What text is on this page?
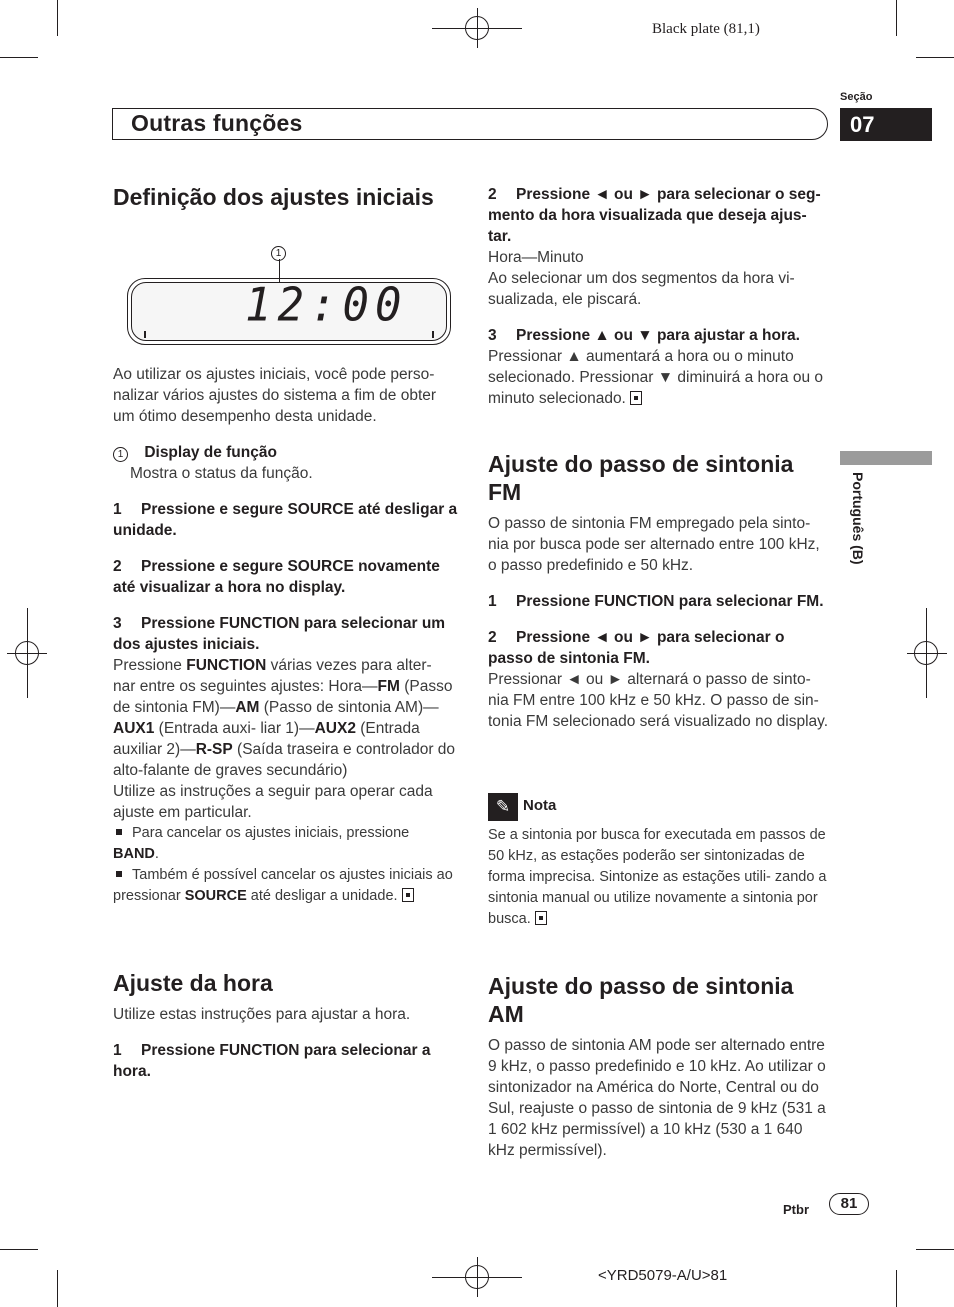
Black plate (81,1)
Outras funções
Seção
07
Português (B)
Definição dos ajustes iniciais
1
12:00

Ao utilizar os ajustes iniciais, você pode perso- nalizar vários ajustes do sistema a fim de obter um ótimo desempenho desta unidade.

1 Display de função

Mostra o status da função.

1 Pressione e segure SOURCE até desligar a unidade.

2 Pressione e segure SOURCE novamente até visualizar a hora no display.

3 Pressione FUNCTION para selecionar um dos ajustes iniciais.

Pressione FUNCTION várias vezes para alter- nar entre os seguintes ajustes: Hora—FM (Passo de sintonia FM)—AM (Passo de sintonia AM)—AUX1 (Entrada auxi- liar 1)—AUX2 (Entrada auxiliar 2)—R-SP (Saída traseira e controlador do alto-falante de graves secundário)

Utilize as instruções a seguir para operar cada ajuste em particular.

Para cancelar os ajustes iniciais, pressione BAND.

Também é possível cancelar os ajustes iniciais ao pressionar SOURCE até desligar a unidade.

Ajuste da hora

Utilize estas instruções para ajustar a hora.

1 Pressione FUNCTION para selecionar a hora.

2 Pressione ◄ ou ► para selecionar o seg- mento da hora visualizada que deseja ajus- tar.

Hora—Minuto

Ao selecionar um dos segmentos da hora vi- sualizada, ele piscará.

3 Pressione ▲ ou ▼ para ajustar a hora.

Pressionar ▲ aumentará a hora ou o minuto selecionado. Pressionar ▼ diminuirá a hora ou o minuto selecionado.

Ajuste do passo de sintonia FM

O passo de sintonia FM empregado pela sinto- nia por busca pode ser alternado entre 100 kHz, o passo predefinido e 50 kHz.

1 Pressione FUNCTION para selecionar FM.

2 Pressione ◄ ou ► para selecionar o passo de sintonia FM.

Pressionar ◄ ou ► alternará o passo de sinto- nia FM entre 100 kHz e 50 kHz. O passo de sin- tonia FM selecionado será visualizado no display.

✎ Nota

Se a sintonia por busca for executada em passos de 50 kHz, as estações poderão ser sintonizadas de forma imprecisa. Sintonize as estações utili- zando a sintonia manual ou utilize novamente a sintonia por busca.

Ajuste do passo de sintonia AM

O passo de sintonia AM pode ser alternado entre 9 kHz, o passo predefinido e 10 kHz. Ao utilizar o sintonizador na América do Norte, Central ou do Sul, reajuste o passo de sintonia de 9 kHz (531 a 1 602 kHz permissível) a 10 kHz (530 a 1 640 kHz permissível).

Ptbr	81
<YRD5079-A/U>81
